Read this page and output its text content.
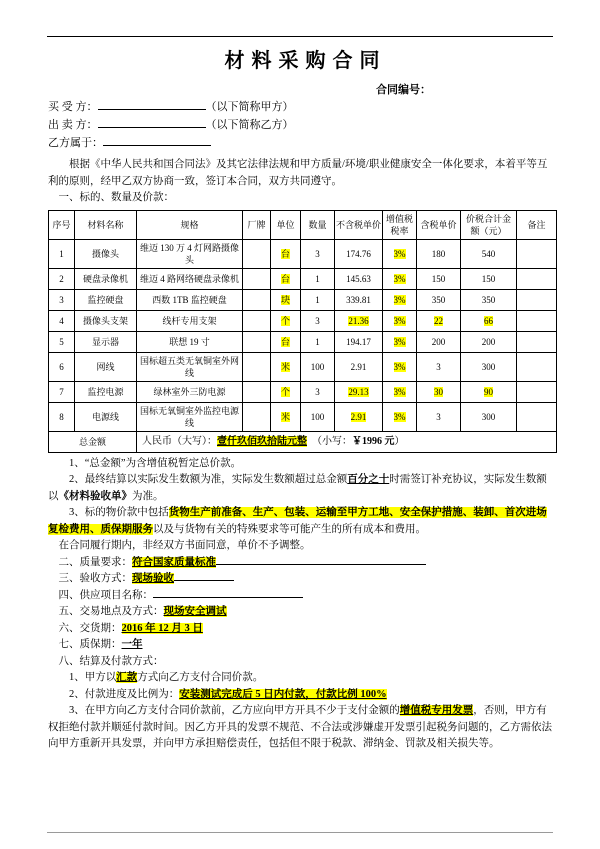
材料采购合同

合同编号：

买 受 方：	（以下简称甲方）

出 卖 方：	（以下简称乙方）

乙方属于：

根据《中华人民共和国合同法》及其它法律法规和甲方质量/环境/职业健康安全一体化要求，本着平等互利的原则，经甲乙双方协商一致，签订本合同，双方共同遵守。

一、标的、数量及价款：

序号	材料名称	规格	厂牌	单位	数量	不含税单价	增值税税率	含税单价	价税合计金额（元）	备注
1	摄像头	维迈 130 万 4 灯网路摄像头		台	3	174.76	3%	180	540	
2	硬盘录像机	维迈 4 路网络硬盘录像机		台	1	145.63	3%	150	150	
3	监控硬盘	西数 1TB 监控硬盘		块	1	339.81	3%	350	350	
4	摄像头支架	线杆专用支架		个	3	21.36	3%	22	66	
5	显示器	联想 19 寸		台	1	194.17	3%	200	200	
6	网线	国标超五类无氧铜室外网线		米	100	2.91	3%	3	300	
7	监控电源	绿林室外三防电源		个	3	29.13	3%	30	90	
8	电源线	国标无氧铜室外监控电源线		米	100	2.91	3%	3	300	
总金额		人民币（大写）：壹仟玖佰玖拾陆元整　（小写：￥1996 元）								

1、“总金额”为含增值税暂定总价款。

2、最终结算以实际发生数额为准，实际发生数额超过总金额百分之十时需签订补充协议，实际发生数额以《材料验收单》为准。

3、标的物价款中包括货物生产前准备、生产、包装、运输至甲方工地、安全保护措施、装卸、首次进场复检费用、质保期服务以及与货物有关的特殊要求等可能产生的所有成本和费用。

在合同履行期内，非经双方书面同意，单价不予调整。

二、质量要求：符合国家质量标准

三、验收方式：现场验收

四、供应项目名称：

五、交易地点及方式：现场安全调试

六、交货期：2016 年 12 月 3 日

七、质保期：一年

八、结算及付款方式：

1、甲方以汇款方式向乙方支付合同价款。

2、付款进度及比例为：安装测试完成后 5 日内付款，付款比例 100%

3、在甲方向乙方支付合同价款前，乙方应向甲方开具不少于支付金额的增值税专用发票，否则，甲方有权拒绝付款并顺延付款时间。因乙方开具的发票不规范、不合法或涉嫌虚开发票引起税务问题的，乙方需依法向甲方重新开具发票，并向甲方承担赔偿责任，包括但不限于税款、滞纳金、罚款及相关损失等。
